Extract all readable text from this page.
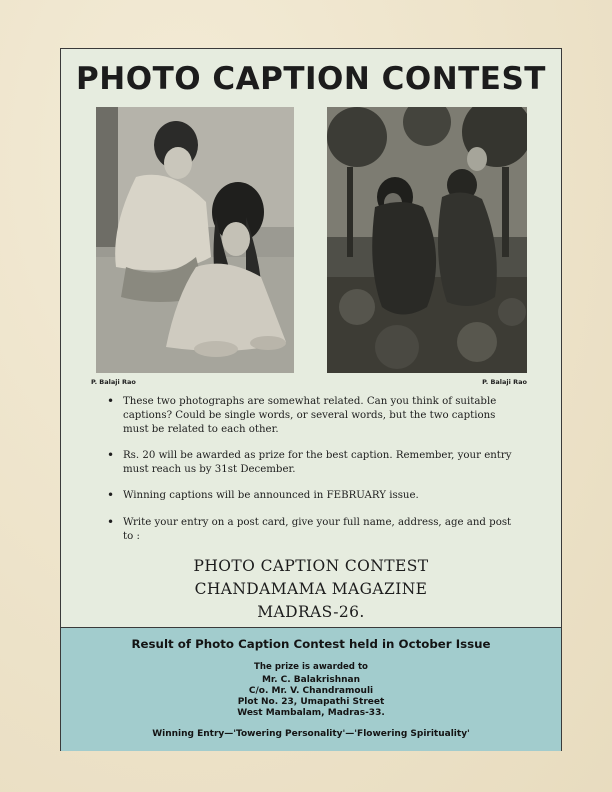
PHOTO CAPTION CONTEST
P. Balaji Rao	P. Balaji Rao
• These two photographs are somewhat related. Can you think of suitable captions? Could be single words, or several words, but the two captions must be related to each other.
• Rs. 20 will be awarded as prize for the best caption. Remember, your entry must reach us by 31st December.
• Winning captions will be announced in FEBRUARY issue.
• Write your entry on a post card, give your full name, address, age and post to :
PHOTO CAPTION CONTEST
CHANDAMAMA MAGAZINE
MADRAS-26.
Result of Photo Caption Contest held in October Issue
The prize is awarded to
Mr. C. Balakrishnan
C/o. Mr. V. Chandramouli
Plot No. 23, Umapathi Street
West Mambalam, Madras-33.
Winning Entry—'Towering Personality'—'Flowering Spirituality'
